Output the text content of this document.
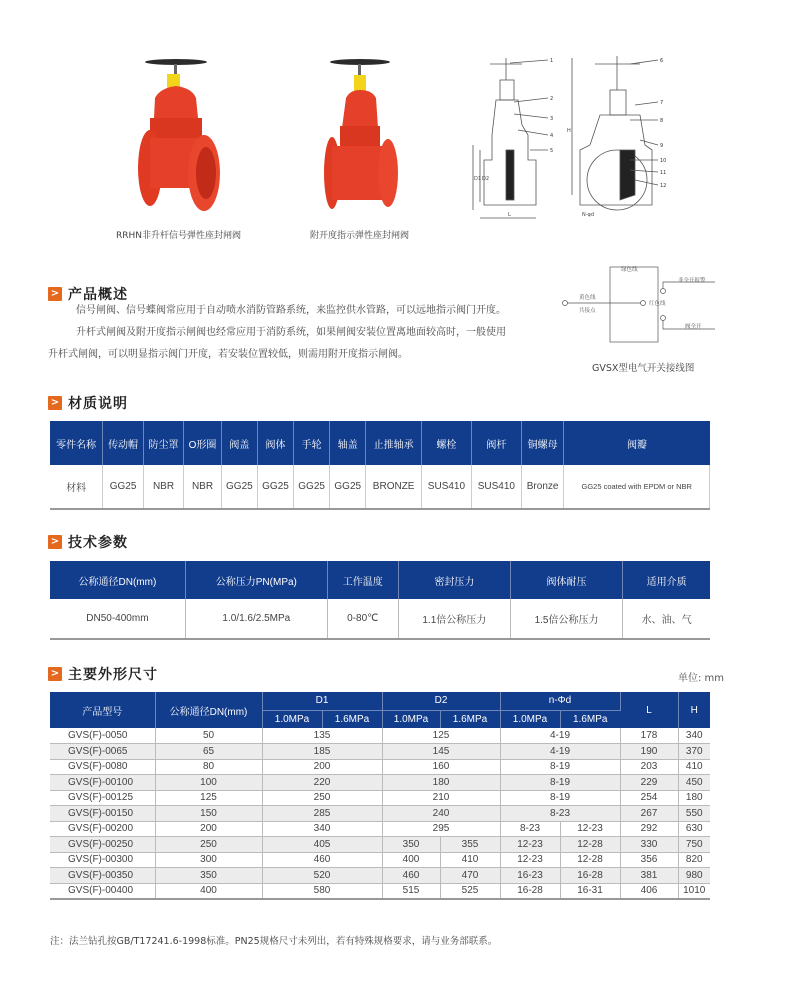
RRHN非升杆信号弹性座封闸阀	附开度指示弹性座封闸阀
D1 D2
L
1
2
3
4
5
H
N-φd
6
7
8
9
10
11
12
> 产品概述
信号闸阀、信号蝶阀常应用于自动喷水消防管路系统，来监控供水管路，可以远地指示阀门开度。
升杆式闸阀及附开度指示闸阀也经常应用于消防系统，如果闸阀安装位置离地面较高时，一般使用
升杆式闸阀，可以明显指示阀门开度，若安装位置较低，则需用附开度指示闸阀。
绿色线
非全开报警
黄色线
共接点
红色线
阀全开
GVSX型电气开关接线图
> 材质说明
零件名称	传动帽	防尘罩	O形圈	阀盖	阀体	手轮	轴盖	止推轴承	螺栓	阀杆	铜螺母	阀瓣
材料	GG25	NBR	NBR	GG25	GG25	GG25	GG25	BRONZE	SUS410	SUS410	Bronze	GG25 coated with EPDM or NBR
> 技术参数
公称通径DN(mm)	公称压力PN(MPa)	工作温度	密封压力	阀体耐压	适用介质
DN50-400mm	1.0/1.6/2.5MPa	0-80℃	1.1倍公称压力	1.5倍公称压力	水、油、气
> 主要外形尺寸	单位: mm
产品型号	公称通径DN(mm)	D1		D2		n-Φd		L	H
		1.0MPa	1.6MPa	1.0MPa	1.6MPa	1.0MPa	1.6MPa		
GVS(F)-0050	50	135		125		4-19		178	340
GVS(F)-0065	65	185		145		4-19		190	370
GVS(F)-0080	80	200		160		8-19		203	410
GVS(F)-00100	100	220		180		8-19		229	450
GVS(F)-00125	125	250		210		8-19		254	180
GVS(F)-00150	150	285		240		8-23		267	550
GVS(F)-00200	200	340		295		8-23	12-23	292	630
GVS(F)-00250	250	405		350	355	12-23	12-28	330	750
GVS(F)-00300	300	460		400	410	12-23	12-28	356	820
GVS(F)-00350	350	520		460	470	16-23	16-28	381	980
GVS(F)-00400	400	580		515	525	16-28	16-31	406	1010
注：法兰钻孔按GB/T17241.6-1998标准。PN25规格尺寸未列出，若有特殊规格要求，请与业务部联系。
